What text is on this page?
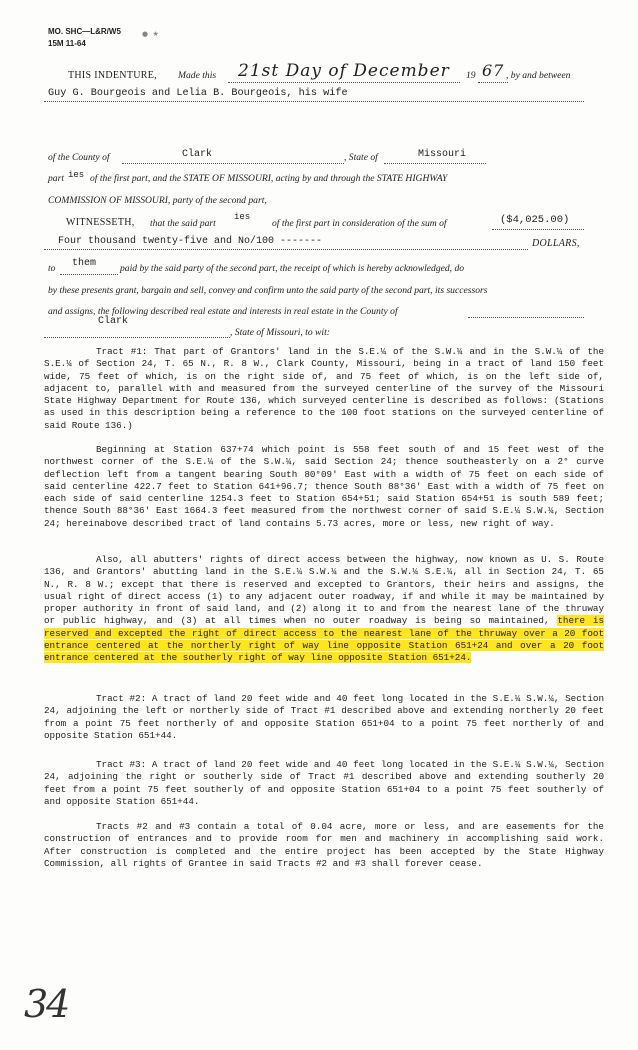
MO. SHC—L&R/W5
15M 11-64
●  ★
THIS INDENTURE, Made this 21st Day of December 19 67 , by and between
Guy G. Bourgeois and Lelia B. Bourgeois, his wife
of the County of	Clark	, State of	Missouri
part ies of the first part, and the STATE OF MISSOURI, acting by and through the STATE HIGHWAY
COMMISSION OF MISSOURI, party of the second part,
WITNESSETH, that the said part
ies
of the first part in consideration of the sum of	($4,025.00)
Four thousand twenty-five and No/100 -------	DOLLARS,
to them paid by the said party of the second part, the receipt of which is hereby acknowledged, do
by these presents grant, bargain and sell, convey and confirm unto the said party of the second part, its successors
and assigns, the following described real estate and interests in real estate in the County of
Clark
, State of Missouri, to wit:

Tract #1: That part of Grantors' land in the S.E.¼ of the S.W.¼ and in the S.W.¼ of the S.E.¼ of Section 24, T. 65 N., R. 8 W., Clark County, Missouri, being in a tract of land 150 feet wide, 75 feet of which, is on the right side of, and 75 feet of which, is on the left side of, adjacent to, parallel with and measured from the surveyed centerline of the survey of the Missouri State Highway Department for Route 136, which surveyed centerline is described as follows: (Stations as used in this description being a reference to the 100 foot stations on the surveyed centerline of said Route 136.)

Beginning at Station 637+74 which point is 558 feet south of and 15 feet west of the northwest corner of the S.E.¼ of the S.W.¼, said Section 24; thence southeasterly on a 2° curve deflection left from a tangent bearing South 80°09' East with a width of 75 feet on each side of said centerline 422.7 feet to Station 641+96.7; thence South 88°36' East with a width of 75 feet on each side of said centerline 1254.3 feet to Station 654+51; said Station 654+51 is south 589 feet; thence South 88°36' East 1664.3 feet measured from the northwest corner of said S.E.¼ S.W.¼, Section 24; hereinabove described tract of land contains 5.73 acres, more or less, new right of way.

Also, all abutters' rights of direct access between the highway, now known as U. S. Route 136, and Grantors' abutting land in the S.E.¼ S.W.¼ and the S.W.¼ S.E.¼, all in Section 24, T. 65 N., R. 8 W.; except that there is reserved and excepted to Grantors, their heirs and assigns, the usual right of direct access (1) to any adjacent outer roadway, if and while it may be maintained by proper authority in front of said land, and (2) along it to and from the nearest lane of the thruway or public highway, and (3) at all times when no outer roadway is being so maintained, there is reserved and excepted the right of direct access to the nearest lane of the thruway over a 20 foot entrance centered at the northerly right of way line opposite Station 651+24 and over a 20 foot entrance centered at the southerly right of way line opposite Station 651+24.

Tract #2: A tract of land 20 feet wide and 40 feet long located in the S.E.¼ S.W.¼, Section 24, adjoining the left or northerly side of Tract #1 described above and extending northerly 20 feet from a point 75 feet northerly of and opposite Station 651+04 to a point 75 feet northerly of and opposite Station 651+44.

Tract #3: A tract of land 20 feet wide and 40 feet long located in the S.E.¼ S.W.¼, Section 24, adjoining the right or southerly side of Tract #1 described above and extending southerly 20 feet from a point 75 feet southerly of and opposite Station 651+04 to a point 75 feet southerly of and opposite Station 651+44.

Tracts #2 and #3 contain a total of 0.04 acre, more or less, and are easements for the construction of entrances and to provide room for men and machinery in accomplishing said work. After construction is completed and the entire project has been accepted by the State Highway Commission, all rights of Grantee in said Tracts #2 and #3 shall forever cease.

34
